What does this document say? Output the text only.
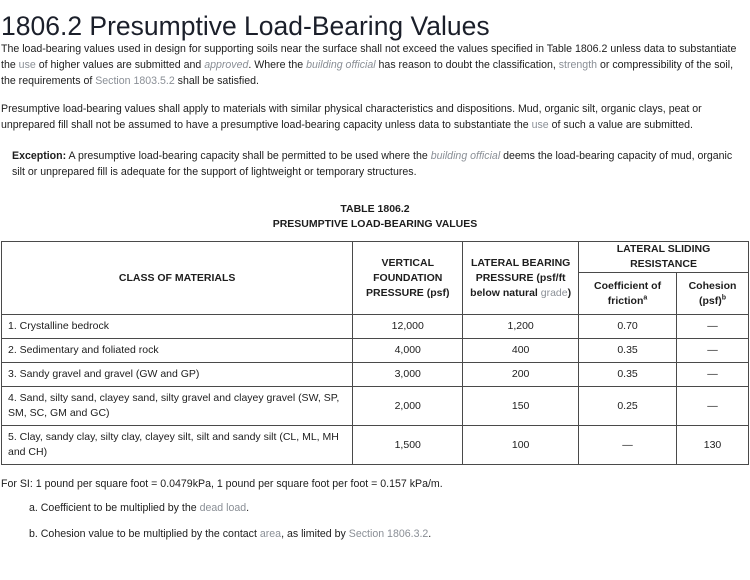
1806.2 Presumptive Load-Bearing Values

The load-bearing values used in design for supporting soils near the surface shall not exceed the values specified in Table 1806.2 unless data to substantiate the use of higher values are submitted and approved. Where the building official has reason to doubt the classification, strength or compressibility of the soil, the requirements of Section 1803.5.2 shall be satisfied.

Presumptive load-bearing values shall apply to materials with similar physical characteristics and dispositions. Mud, organic silt, organic clays, peat or unprepared fill shall not be assumed to have a presumptive load-bearing capacity unless data to substantiate the use of such a value are submitted.

Exception: A presumptive load-bearing capacity shall be permitted to be used where the building official deems the load-bearing capacity of mud, organic silt or unprepared fill is adequate for the support of lightweight or temporary structures.

TABLE 1806.2
PRESUMPTIVE LOAD-BEARING VALUES
CLASS OF MATERIALS	VERTICAL FOUNDATION PRESSURE (psf)	LATERAL BEARING PRESSURE (psf/ft below natural grade)	LATERAL SLIDING RESISTANCE	
			Coefficient of friction$^a$	Cohesion (psf)$^b$
1. Crystalline bedrock	12,000	1,200	0.70	—
2. Sedimentary and foliated rock	4,000	400	0.35	—
3. Sandy gravel and gravel (GW and GP)	3,000	200	0.35	—
4. Sand, silty sand, clayey sand, silty gravel and clayey gravel (SW, SP, SM, SC, GM and GC)	2,000	150	0.25	—
5. Clay, sandy clay, silty clay, clayey silt, silt and sandy silt (CL, ML, MH and CH)	1,500	100	—	130

For SI: 1 pound per square foot = 0.0479kPa, 1 pound per square foot per foot = 0.157 kPa/m.

a. Coefficient to be multiplied by the dead load.

b. Cohesion value to be multiplied by the contact area, as limited by Section 1806.3.2.
